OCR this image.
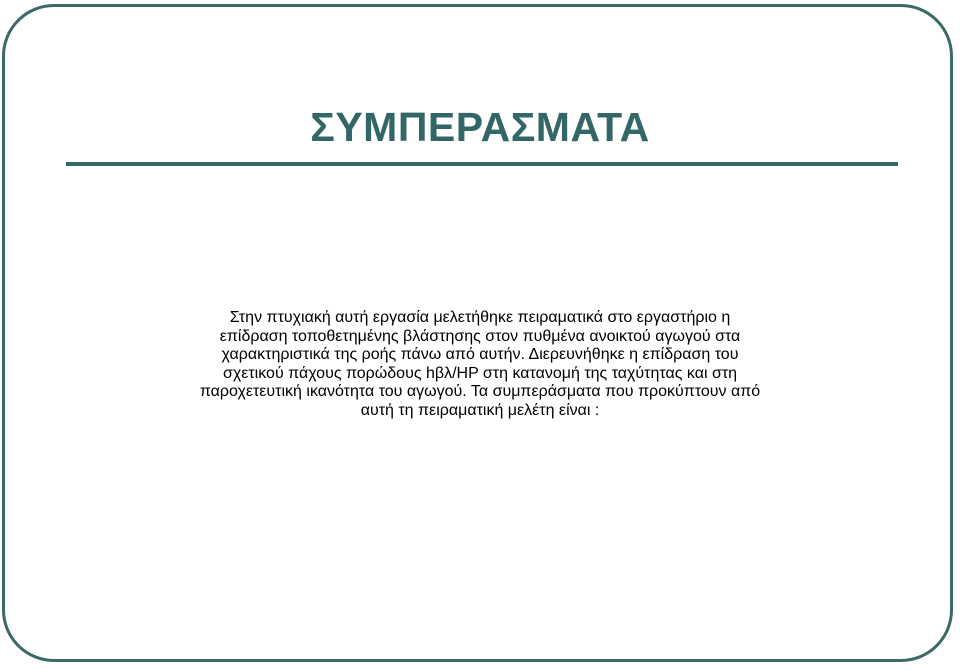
ΣΥΜΠΕΡΑΣΜΑΤΑ
Στην πτυχιακή αυτή εργασία μελετήθηκε πειραματικά στο εργαστήριο η
επίδραση τοποθετημένης βλάστησης στον πυθμένα ανοικτού αγωγού στα
χαρακτηριστικά της ροής πάνω από αυτήν. Διερευνήθηκε η επίδραση του
σχετικού πάχους πορώδους hβλ/HP στη κατανομή της ταχύτητας και στη
παροχετευτική ικανότητα του αγωγού. Τα συμπεράσματα που προκύπτουν από
αυτή τη πειραματική μελέτη είναι :
